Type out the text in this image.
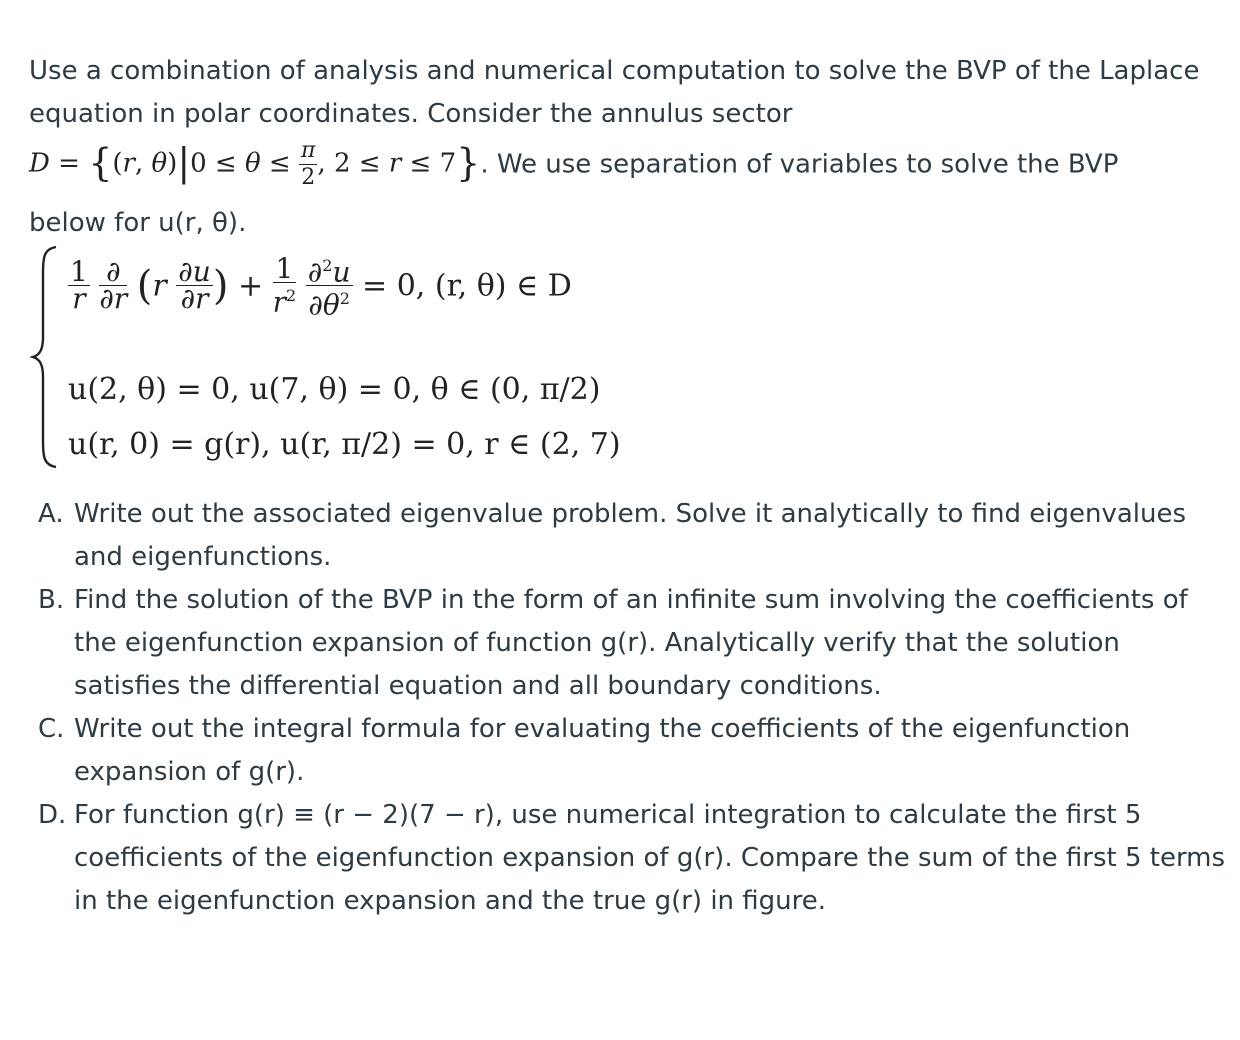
Use a combination of analysis and numerical computation to solve the BVP of the Laplace
equation in polar coordinates. Consider the annulus sector
D = {(r, $\theta)|0 \le \theta \le \frac{\pi}{2}$ , 2 ≤ r ≤ 7}. We use separation of variables to solve the BVP
below for u(r, θ).
$\frac{1}{r}$
$\frac{\partial}{\partial r} (r \frac{\partial u}{\partial r}$ ) + $\frac{1}{r^2}$
$\frac{\partial^2u}{\partial\theta^2} = 0$, (r, θ) ∈ D
u(2, θ) = 0, u(7, θ) = 0, θ ∈ (0, π/2)
u(r, 0) = g(r), u(r, π/2) = 0, r ∈ (2, 7)
A. Write out the associated eigenvalue problem. Solve it analytically to find eigenvalues and eigenfunctions.
B. Find the solution of the BVP in the form of an infinite sum involving the coefficients of the eigenfunction expansion of function g(r). Analytically verify that the solution satisfies the differential equation and all boundary conditions.
C. Write out the integral formula for evaluating the coefficients of the eigenfunction expansion of g(r).
D. For function g(r) ≡ (r − 2)(7 − r), use numerical integration to calculate the first 5 coefficients of the eigenfunction expansion of g(r). Compare the sum of the first 5 terms in the eigenfunction expansion and the true g(r) in figure.
